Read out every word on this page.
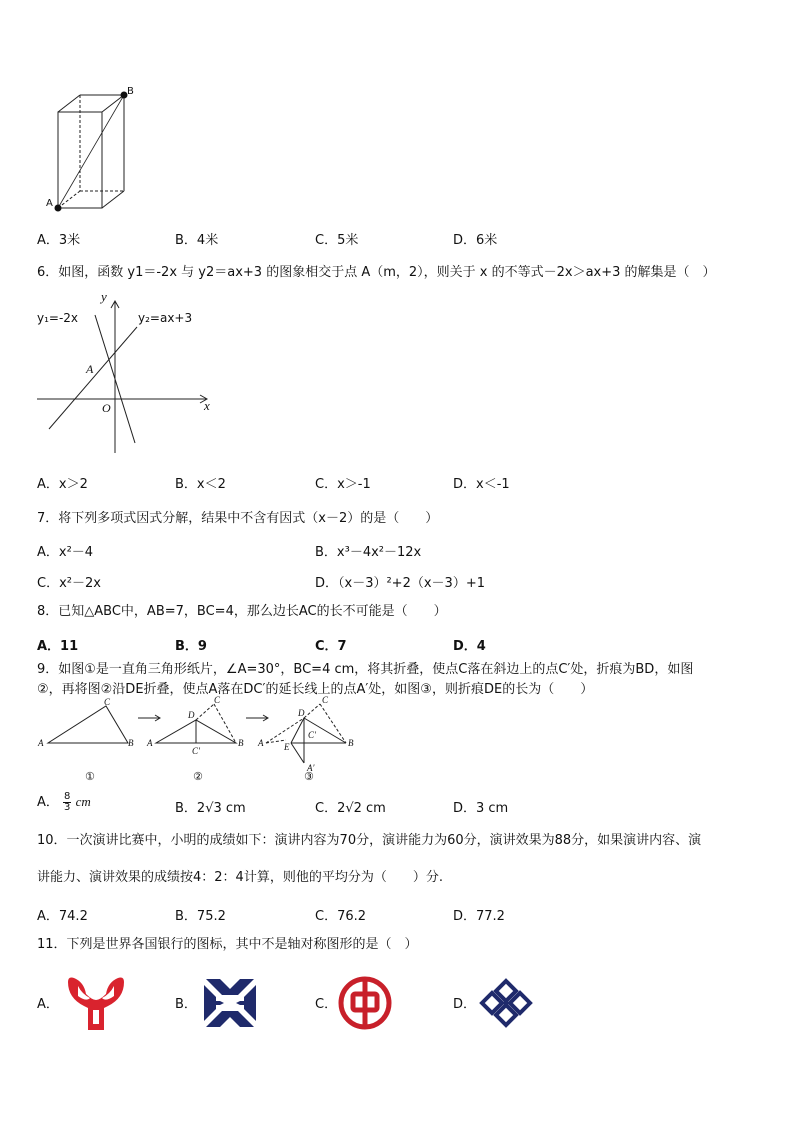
A
B
A．3米	B．4米	C．5米	D．6米
6．如图，函数 y1＝-2x 与 y2＝ax+3 的图象相交于点 A（m，2），则关于 x 的不等式－2x＞ax+3 的解集是（　）
y₁=-2x	y₂=ax+3
y
x
A
O
A．x＞2	B．x＜2	C．x＞-1	D．x＜-1
7．将下列多项式因式分解，结果中不含有因式（x－2）的是（　　）
A．x²－4	B．x³－4x²－12x
C．x²－2x	D．（x－3）²+2（x－3）+1
8．已知△ABC中，AB=7，BC=4，那么边长AC的长不可能是（　　）
A．11	B．9	C．7	D．4
9．如图①是一直角三角形纸片，∠A=30°，BC=4 cm，将其折叠，使点C落在斜边上的点C′处，折痕为BD，如图
②，再将图②沿DE折叠，使点A落在DC′的延长线上的点A′处，如图③，则折痕DE的长为（　　）
A	B
C
A	B
D
C
C′
A	B
D
C
C′
E
A′
①	②	③
A． $\frac{8}{3}$ cm	B．2√3 cm	C．2√2 cm	D．3 cm
10．一次演讲比赛中，小明的成绩如下：演讲内容为70分，演讲能力为60分，演讲效果为88分，如果演讲内容、演
讲能力、演讲效果的成绩按4：2：4计算，则他的平均分为（　　）分.
A．74.2	B．75.2	C．76.2	D．77.2
11．下列是世界各国银行的图标，其中不是轴对称图形的是（　）
A．	B．	C．	D．
